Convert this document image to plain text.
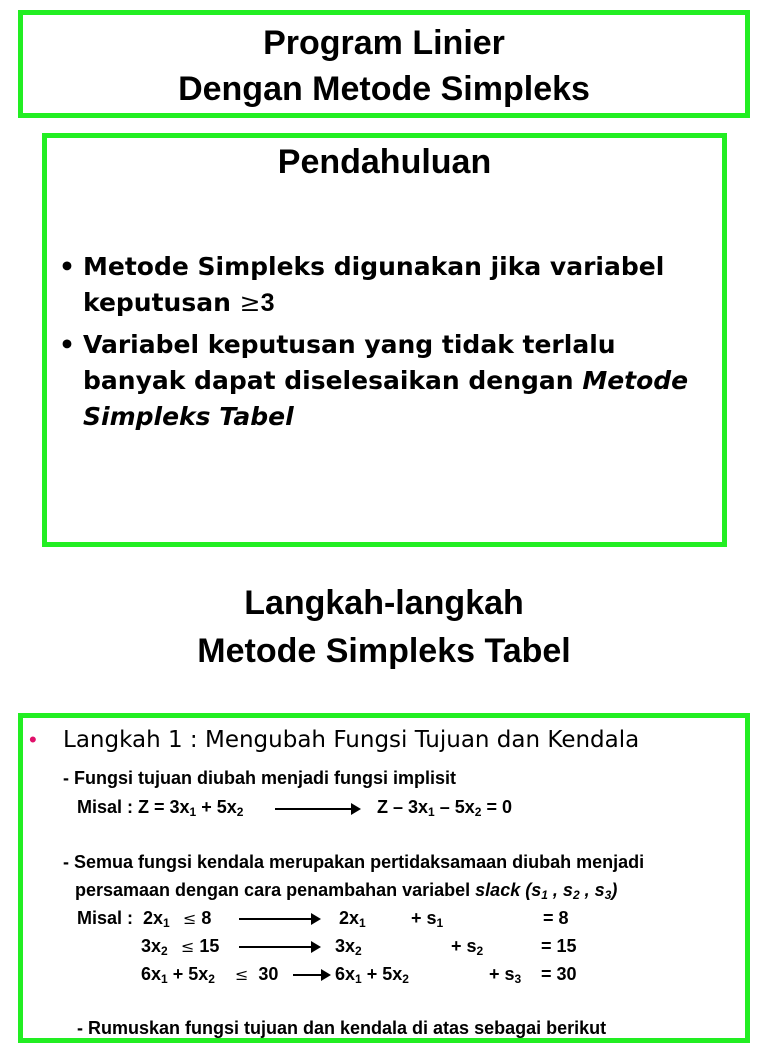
Program Linier
Dengan Metode Simpleks
Pendahuluan
• Metode Simpleks digunakan jika variabel
keputusan ≥3
• Variabel keputusan yang tidak terlalu
banyak dapat diselesaikan dengan Metode
Simpleks Tabel
Langkah-langkah
Metode Simpleks Tabel
• Langkah 1 : Mengubah Fungsi Tujuan dan Kendala
- Fungsi tujuan diubah menjadi fungsi implisit
Misal : $Z = 3x_1 + 5x_2$	$Z - 3x_1 - 5x_2 = 0$
- Semua fungsi kendala merupakan pertidaksamaan diubah menjadi
persamaan dengan cara penambahan variabel slack ($s_1$ , $s_2$ , $s_3$)
Misal : $2x_1 \le 8$	$2x_1$	+ $s_1$	= 8
$3x_2 \le 15$	$3x_2$	+ $s_2$	= 15
$6x_1 + 5x_2 \le 30$	$6x_1 + 5x_2$	+ $s_3 = 30$
- Rumuskan fungsi tujuan dan kendala di atas sebagai berikut
